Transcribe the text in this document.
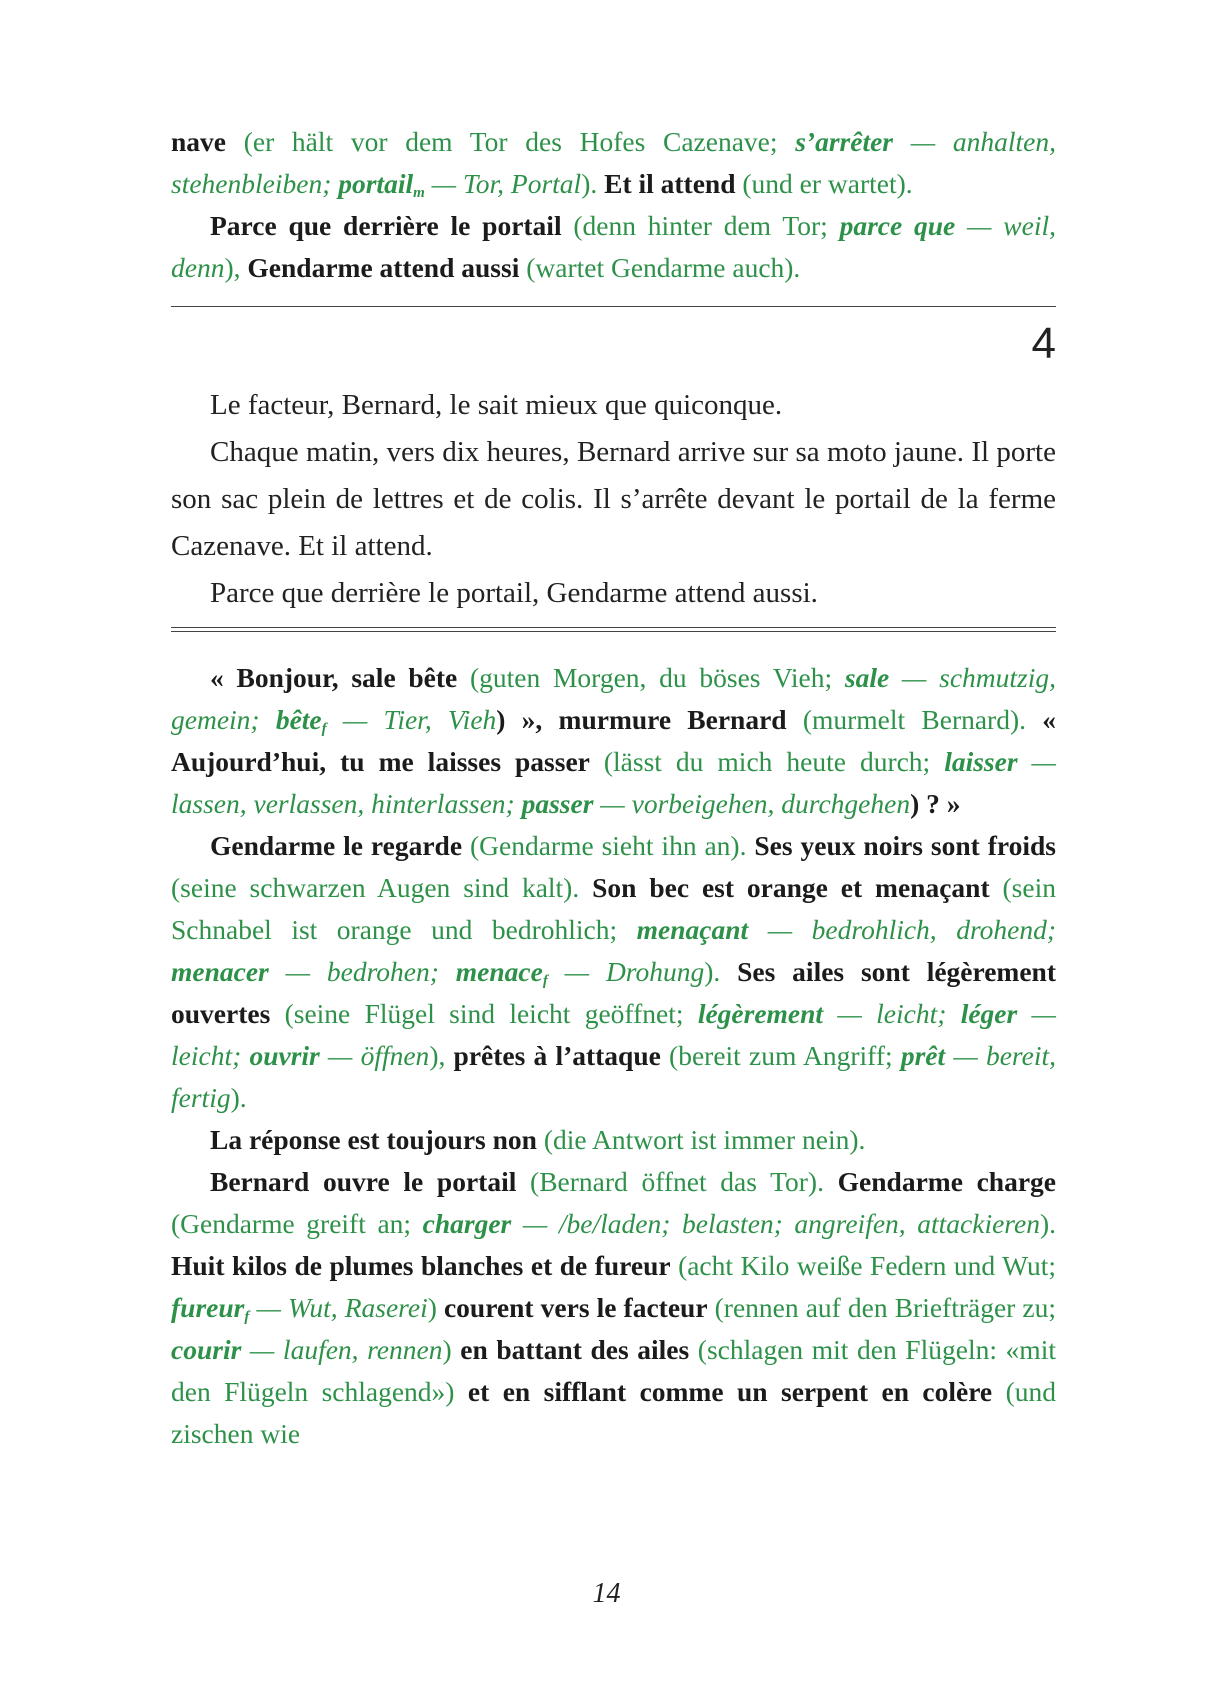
nave (er hält vor dem Tor des Hofes Cazenave; s’arrêter — anhalten, stehenbleiben; portail$_m$ — Tor, Portal). Et il attend (und er wartet).

Parce que derrière le portail (denn hinter dem Tor; parce que — weil, denn), Gendarme attend aussi (wartet Gendarme auch).

4

Le facteur, Bernard, le sait mieux que quiconque.

Chaque matin, vers dix heures, Bernard arrive sur sa moto jaune. Il porte son sac plein de lettres et de colis. Il s’arrête devant le portail de la ferme Cazenave. Et il attend.

Parce que derrière le portail, Gendarme attend aussi.

« Bonjour, sale bête (guten Morgen, du böses Vieh; sale — schmutzig, gemein; bête$_f$ — Tier, Vieh) », murmure Bernard (murmelt Bernard). « Aujourd’hui, tu me laisses passer (lässt du mich heute durch; laisser — lassen, verlassen, hinterlassen; passer — vorbeigehen, durchgehen) ? »

Gendarme le regarde (Gendarme sieht ihn an). Ses yeux noirs sont froids (seine schwarzen Augen sind kalt). Son bec est orange et menaçant (sein Schnabel ist orange und bedrohlich; menaçant — bedrohlich, drohend; menacer — bedrohen; menace$_f$ — Drohung). Ses ailes sont légèrement ouvertes (seine Flügel sind leicht geöffnet; légèrement — leicht; léger — leicht; ouvrir — öffnen), prêtes à l’attaque (bereit zum Angriff; prêt — bereit, fertig).

La réponse est toujours non (die Antwort ist immer nein).

Bernard ouvre le portail (Bernard öffnet das Tor). Gendarme charge (Gendarme greift an; charger — /be/laden; belasten; angreifen, attackieren). Huit kilos de plumes blanches et de fureur (acht Kilo weiße Federn und Wut; fureur$_f$ — Wut, Raserei) courent vers le facteur (rennen auf den Briefträger zu; courir — laufen, rennen) en battant des ailes (schlagen mit den Flügeln: «mit den Flügeln schlagend») et en sifflant comme un serpent en colère (und zischen wie

14
